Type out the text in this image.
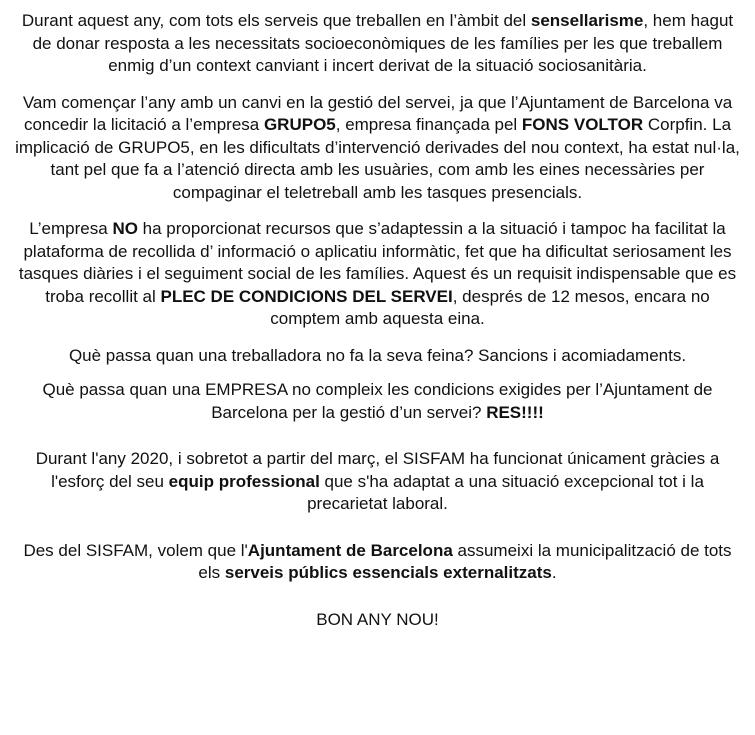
Durant aquest any, com tots els serveis que treballen en l’àmbit del sensellarisme, hem hagut de donar resposta a les necessitats socioeconòmiques de les famílies per les que treballem enmig d’un context canviant i incert derivat de la situació sociosanitària.

Vam començar l’any amb un canvi en la gestió del servei, ja que l’Ajuntament de Barcelona va concedir la licitació a l’empresa GRUPO5, empresa finançada pel FONS VOLTOR Corpfin. La implicació de GRUPO5, en les dificultats d’intervenció derivades del nou context, ha estat nul·la, tant pel que fa a l’atenció directa amb les usuàries, com amb les eines necessàries per compaginar el teletreball amb les tasques presencials.

L’empresa NO ha proporcionat recursos que s’adaptessin a la situació i tampoc ha facilitat la plataforma de recollida d’ informació o aplicatiu informàtic, fet que ha dificultat seriosament les tasques diàries i el seguiment social de les famílies. Aquest és un requisit indispensable que es troba recollit al PLEC DE CONDICIONS DEL SERVEI, després de 12 mesos, encara no comptem amb aquesta eina.

Què passa quan una treballadora no fa la seva feina? Sancions i acomiadaments.

Què passa quan una EMPRESA no compleix les condicions exigides per l’Ajuntament de Barcelona per la gestió d’un servei? RES!!!!

Durant l'any 2020, i sobretot a partir del març, el SISFAM ha funcionat únicament gràcies a l'esforç del seu equip professional que s'ha adaptat a una situació excepcional tot i la precarietat laboral.

Des del SISFAM, volem que l'Ajuntament de Barcelona assumeixi la municipalització de tots els serveis públics essencials externalitzats.

BON ANY NOU!
